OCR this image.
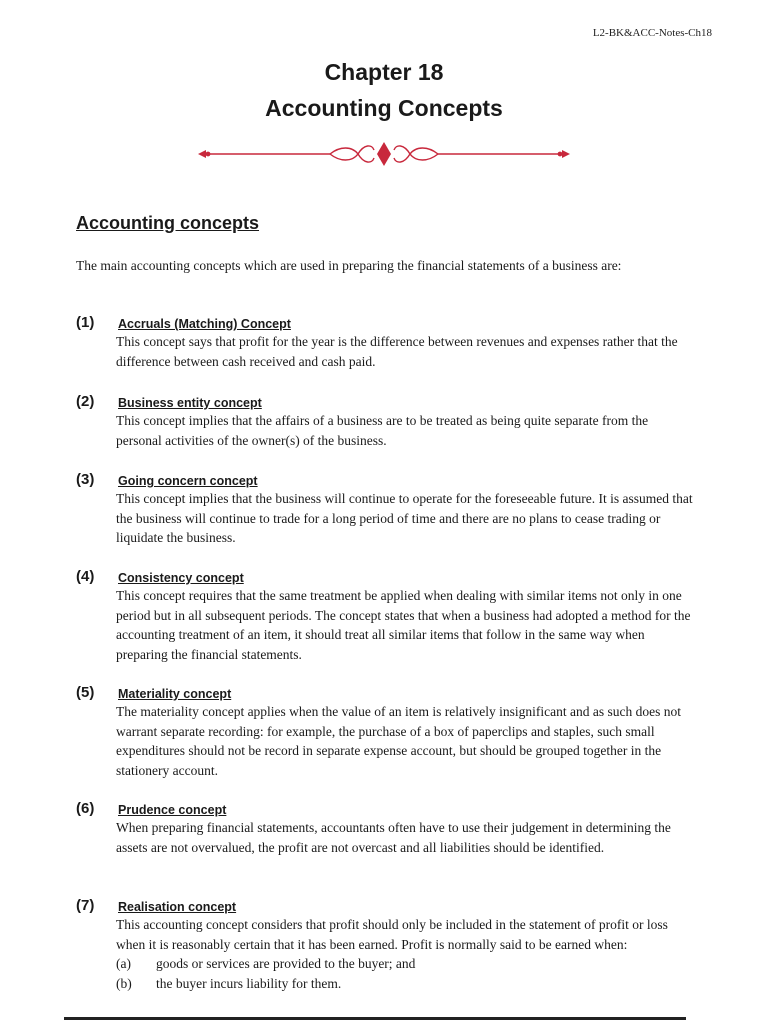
L2-BK&ACC-Notes-Ch18
Chapter 18
Accounting Concepts
Accounting concepts
The main accounting concepts which are used in preparing the financial statements of a business are:
(1) Accruals (Matching) Concept
This concept says that profit for the year is the difference between revenues and expenses rather that the difference between cash received and cash paid.
(2) Business entity concept
This concept implies that the affairs of a business are to be treated as being quite separate from the personal activities of the owner(s) of the business.
(3) Going concern concept
This concept implies that the business will continue to operate for the foreseeable future. It is assumed that the business will continue to trade for a long period of time and there are no plans to cease trading or liquidate the business.
(4) Consistency concept
This concept requires that the same treatment be applied when dealing with similar items not only in one period but in all subsequent periods. The concept states that when a business had adopted a method for the accounting treatment of an item, it should treat all similar items that follow in the same way when preparing the financial statements.
(5) Materiality concept
The materiality concept applies when the value of an item is relatively insignificant and as such does not warrant separate recording: for example, the purchase of a box of paperclips and staples, such small expenditures should not be record in separate expense account, but should be grouped together in the stationery account.
(6) Prudence concept
When preparing financial statements, accountants often have to use their judgement in determining the assets are not overvalued, the profit are not overcast and all liabilities should be identified.
(7) Realisation concept
This accounting concept considers that profit should only be included in the statement of profit or loss when it is reasonably certain that it has been earned. Profit is normally said to be earned when:
(a)	goods or services are provided to the buyer; and
(b)	the buyer incurs liability for them.
